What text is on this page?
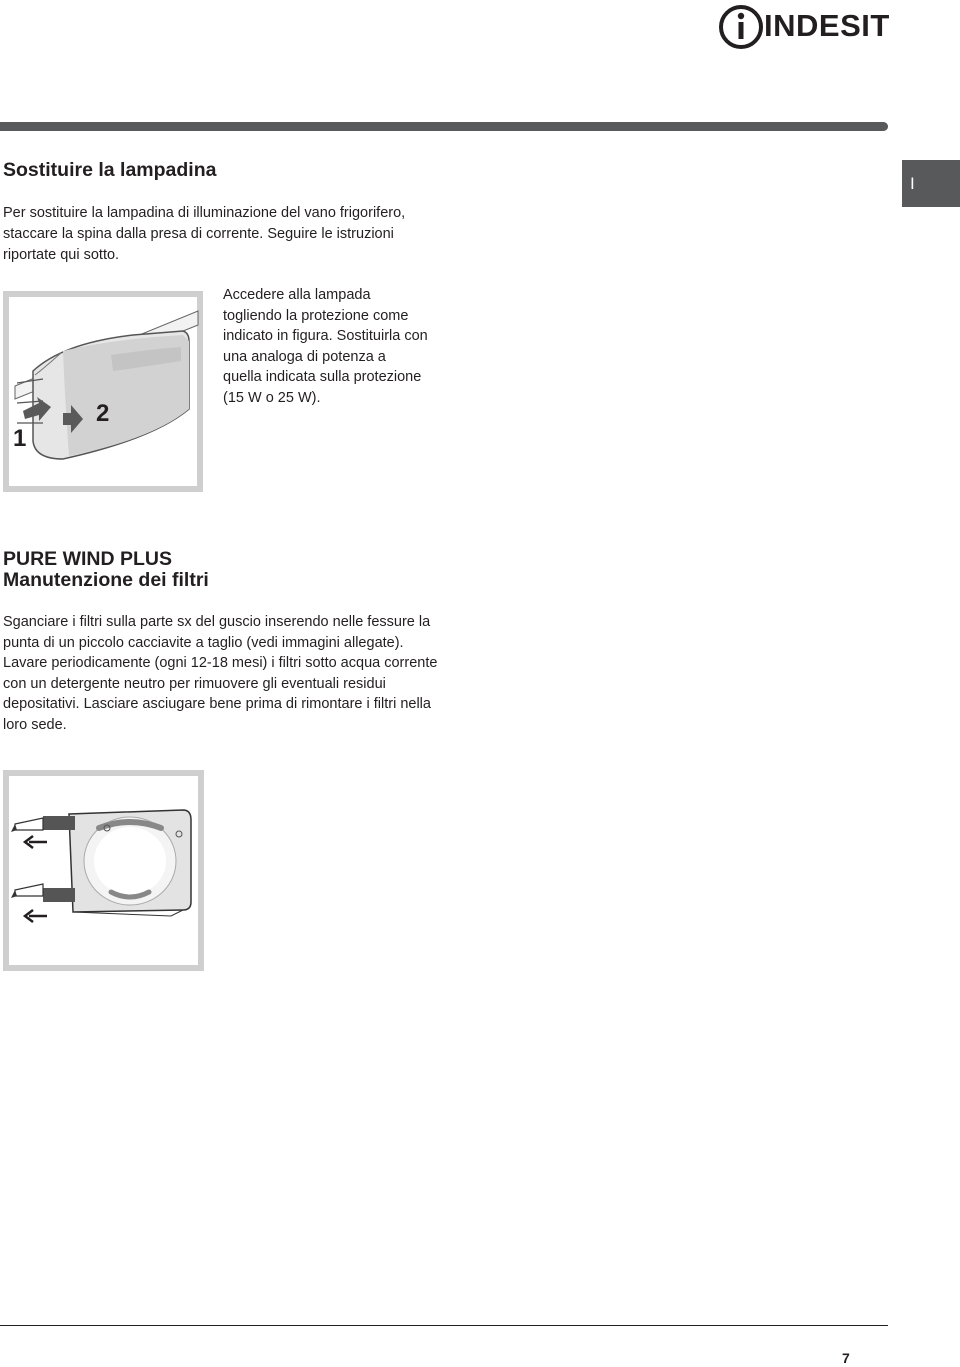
INDESIT
I
Sostituire la lampadina

Per sostituire la lampadina di illuminazione del vano frigorifero, staccare la spina dalla presa di corrente. Seguire le istruzioni riportate qui sotto.

1
2

Accedere alla lampada togliendo la protezione come indicato in figura. Sostituirla con una analoga di potenza a quella indicata sulla protezione (15 W o 25 W).

PURE WIND PLUS
Manutenzione dei filtri
Sganciare i filtri sulla parte sx del guscio inserendo nelle fessure la punta di un piccolo cacciavite a taglio (vedi immagini allegate).
Lavare periodicamente (ogni 12-18 mesi) i filtri sotto acqua corrente con un detergente neutro per rimuovere gli eventuali residui depositativi. Lasciare asciugare bene prima di rimontare i filtri nella loro sede.
7
